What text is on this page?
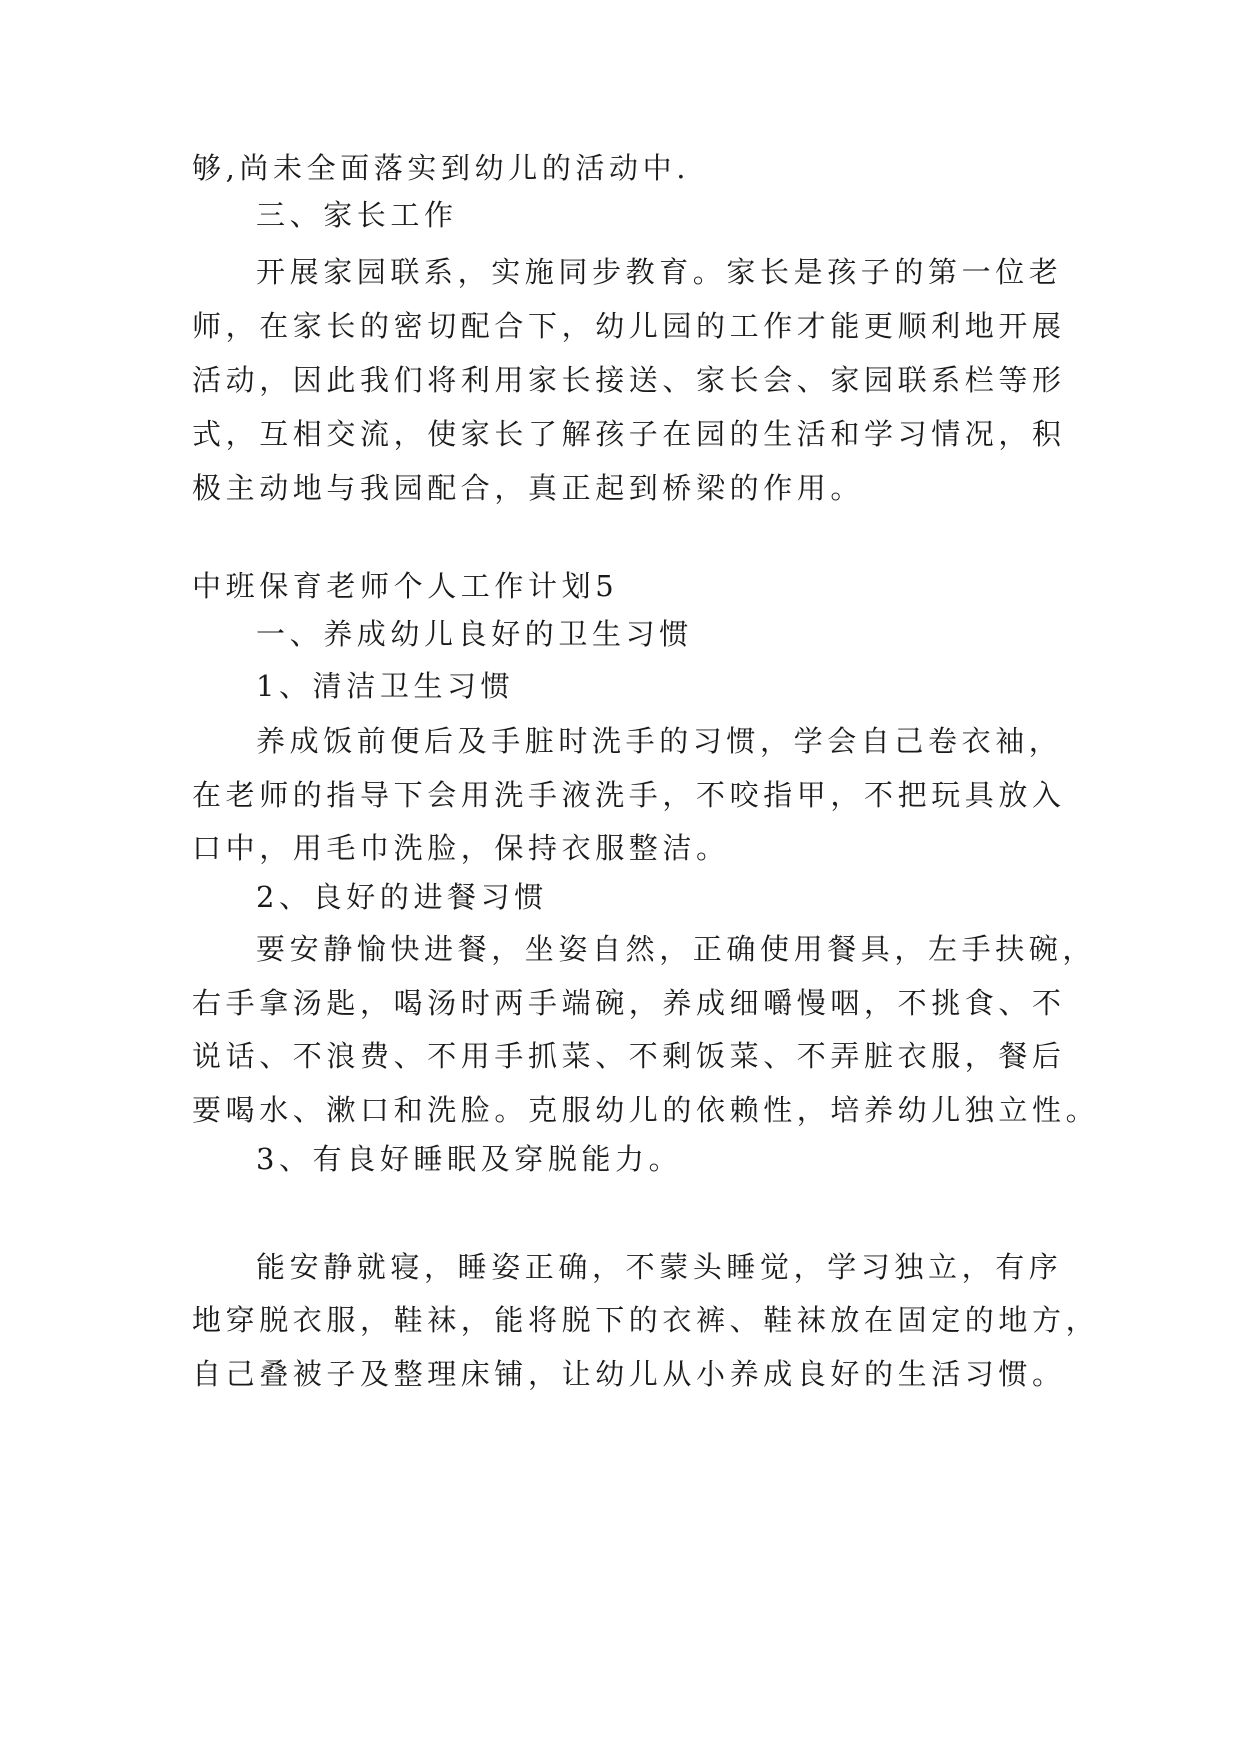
够,尚未全面落实到幼儿的活动中.
三、家长工作
开展家园联系，实施同步教育。家长是孩子的第一位老
师，在家长的密切配合下，幼儿园的工作才能更顺利地开展
活动，因此我们将利用家长接送、家长会、家园联系栏等形
式，互相交流，使家长了解孩子在园的生活和学习情况，积
极主动地与我园配合，真正起到桥梁的作用。
中班保育老师个人工作计划5
一、养成幼儿良好的卫生习惯
1、清洁卫生习惯
养成饭前便后及手脏时洗手的习惯，学会自己卷衣袖，
在老师的指导下会用洗手液洗手，不咬指甲，不把玩具放入
口中，用毛巾洗脸，保持衣服整洁。
2、良好的进餐习惯
要安静愉快进餐，坐姿自然，正确使用餐具，左手扶碗，
右手拿汤匙，喝汤时两手端碗，养成细嚼慢咽，不挑食、不
说话、不浪费、不用手抓菜、不剩饭菜、不弄脏衣服，餐后
要喝水、漱口和洗脸。克服幼儿的依赖性，培养幼儿独立性。
3、有良好睡眠及穿脱能力。
能安静就寝，睡姿正确，不蒙头睡觉，学习独立，有序
地穿脱衣服，鞋袜，能将脱下的衣裤、鞋袜放在固定的地方，
自己叠被子及整理床铺，让幼儿从小养成良好的生活习惯。
